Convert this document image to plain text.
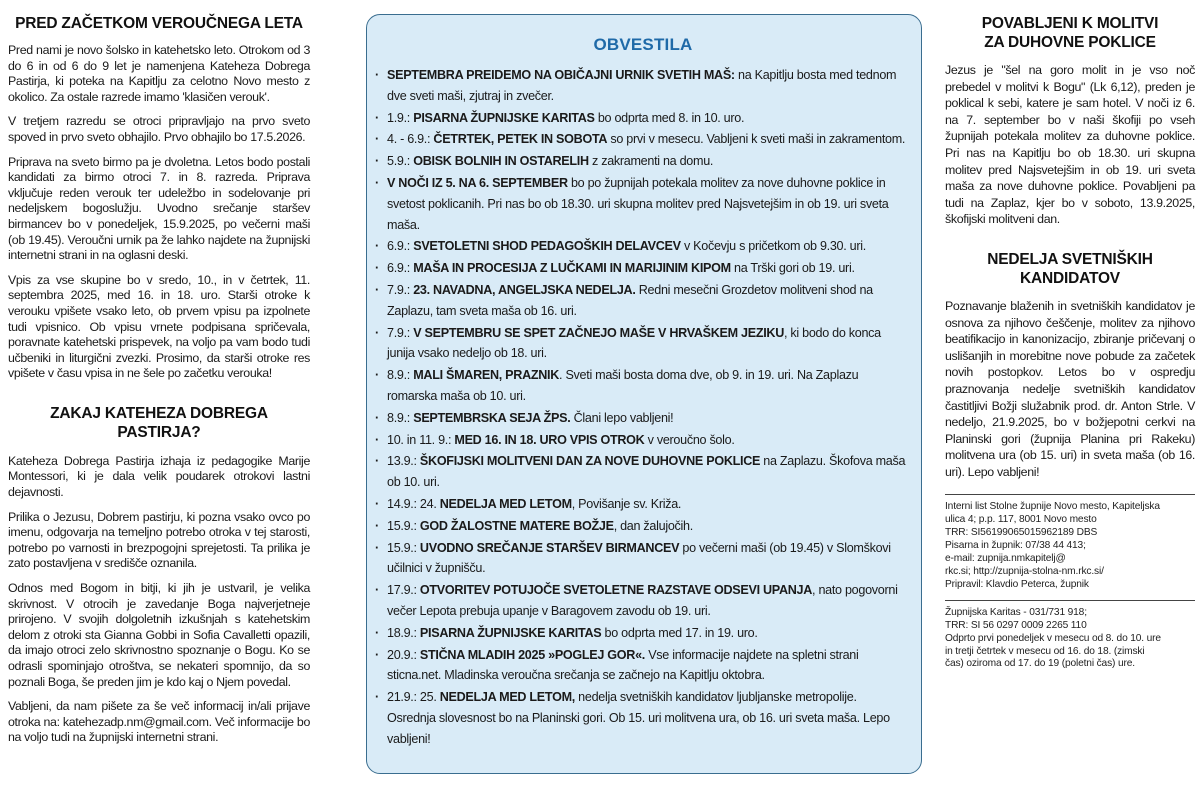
PRED ZAČETKOM VEROUČNEGA LETA

Pred nami je novo šolsko in katehetsko leto. Otrokom od 3 do 6 in od 6 do 9 let je namenjena Kateheza Dobrega Pastirja, ki poteka na Kapitlju za celotno Novo mesto z okolico. Za ostale razrede imamo 'klasičen verouk'.

V tretjem razredu se otroci pripravljajo na prvo sveto spoved in prvo sveto obhajilo. Prvo obhajilo bo 17.5.2026.

Priprava na sveto birmo pa je dvoletna. Letos bodo postali kandidati za birmo otroci 7. in 8. razreda. Priprava vključuje reden verouk ter udeležbo in sodelovanje pri nedeljskem bogoslužju. Uvodno srečanje staršev birmancev bo v ponedeljek, 15.9.2025, po večerni maši (ob 19.45). Veroučni urnik pa že lahko najdete na župnijski internetni strani in na oglasni deski.

Vpis za vse skupine bo v sredo, 10., in v četrtek, 11. septembra 2025, med 16. in 18. uro. Starši otroke k verouku vpišete vsako leto, ob prvem vpisu pa izpolnete tudi vpisnico. Ob vpisu vrnete podpisana spričevala, poravnate katehetski prispevek, na voljo pa vam bodo tudi učbeniki in liturgični zvezki. Prosimo, da starši otroke res vpišete v času vpisa in ne šele po začetku verouka!

ZAKAJ KATEHEZA DOBREGA PASTIRJA?

Kateheza Dobrega Pastirja izhaja iz pedagogike Marije Montessori, ki je dala velik poudarek otrokovi lastni dejavnosti.

Prilika o Jezusu, Dobrem pastirju, ki pozna vsako ovco po imenu, odgovarja na temeljno potrebo otroka v tej starosti, potrebo po varnosti in brezpogojni sprejetosti. Ta prilika je zato postavljena v središče oznanila.

Odnos med Bogom in bitji, ki jih je ustvaril, je velika skrivnost. V otrocih je zavedanje Boga najverjetneje prirojeno. V svojih dolgoletnih izkušnjah s katehetskim delom z otroki sta Gianna Gobbi in Sofia Cavalletti opazili, da imajo otroci zelo skrivnostno spoznanje o Bogu. Ko se odrasli spominjajo otroštva, se nekateri spomnijo, da so poznali Boga, še preden jim je kdo kaj o Njem povedal.

Vabljeni, da nam pišete za še več informacij in/ali prijave otroka na: katehezadp.nm@gmail.com. Več informacije bo na voljo tudi na župnijski internetni strani.

OBVESTILA
· SEPTEMBRA PREIDEMO NA OBIČAJNI URNIK SVETIH MAŠ: na Kapitlju bosta med tednom dve sveti maši, zjutraj in zvečer.
· 1.9.: PISARNA ŽUPNIJSKE KARITAS bo odprta med 8. in 10. uro.
· 4. - 6.9.: ČETRTEK, PETEK IN SOBOTA so prvi v mesecu. Vabljeni k sveti maši in zakramentom.
· 5.9.: OBISK BOLNIH IN OSTARELIH z zakramenti na domu.
· V NOČI IZ 5. NA 6. SEPTEMBER bo po župnijah potekala molitev za nove duhovne poklice in svetost poklicanih. Pri nas bo ob 18.30. uri skupna molitev pred Najsvetejšim in ob 19. uri sveta maša.
· 6.9.: SVETOLETNI SHOD PEDAGOŠKIH DELAVCEV v Kočevju s pričetkom ob 9.30. uri.
· 6.9.: MAŠA IN PROCESIJA Z LUČKAMI IN MARIJINIM KIPOM na Trški gori ob 19. uri.
· 7.9.: 23. NAVADNA, ANGELJSKA NEDELJA. Redni mesečni Grozdetov molitveni shod na Zaplazu, tam sveta maša ob 16. uri.
· 7.9.: V SEPTEMBRU SE SPET ZAČNEJO MAŠE V HRVAŠKEM JEZIKU, ki bodo do konca junija vsako nedeljo ob 18. uri.
· 8.9.: MALI ŠMAREN, PRAZNIK. Sveti maši bosta doma dve, ob 9. in 19. uri. Na Zaplazu romarska maša ob 10. uri.
· 8.9.: SEPTEMBRSKA SEJA ŽPS. Člani lepo vabljeni!
· 10. in 11. 9.: MED 16. IN 18. URO VPIS OTROK v veroučno šolo.
· 13.9.: ŠKOFIJSKI MOLITVENI DAN ZA NOVE DUHOVNE POKLICE na Zaplazu. Škofova maša ob 10. uri.
· 14.9.: 24. NEDELJA MED LETOM, Povišanje sv. Križa.
· 15.9.: GOD ŽALOSTNE MATERE BOŽJE, dan žalujočih.
· 15.9.: UVODNO SREČANJE STARŠEV BIRMANCEV po večerni maši (ob 19.45) v Slomškovi učilnici v župnišču.
· 17.9.: OTVORITEV POTUJOČE SVETOLETNE RAZSTAVE ODSEVI UPANJA, nato pogovorni večer Lepota prebuja upanje v Baragovem zavodu ob 19. uri.
· 18.9.: PISARNA ŽUPNIJSKE KARITAS bo odprta med 17. in 19. uro.
· 20.9.: STIČNA MLADIH 2025 »POGLEJ GOR«. Vse informacije najdete na spletni strani sticna.net. Mladinska veroučna srečanja se začnejo na Kapitlju oktobra.
· 21.9.: 25. NEDELJA MED LETOM, nedelja svetniških kandidatov ljubljanske metropolije. Osrednja slovesnost bo na Planinski gori. Ob 15. uri molitvena ura, ob 16. uri sveta maša. Lepo vabljeni!
POVABLJENI K MOLITVI
ZA DUHOVNE POKLICE

Jezus je "šel na goro molit in je vso noč prebedel v molitvi k Bogu" (Lk 6,12), preden je poklical k sebi, katere je sam hotel. V noči iz 6. na 7. september bo v naši škofiji po vseh župnijah potekala molitev za duhovne poklice. Pri nas na Kapitlju bo ob 18.30. uri skupna molitev pred Najsvetejšim in ob 19. uri sveta maša za nove duhovne poklice. Povabljeni pa tudi na Zaplaz, kjer bo v soboto, 13.9.2025, škofijski molitveni dan.

NEDELJA SVETNIŠKIH KANDIDATOV

Poznavanje blaženih in svetniških kandidatov je osnova za njihovo češčenje, molitev za njihovo beatifikacijo in kanonizacijo, zbiranje pričevanj o uslišanjih in morebitne nove pobude za začetek novih postopkov. Letos bo v ospredju praznovanja nedelje svetniških kandidatov častitljivi Božji služabnik prod. dr. Anton Strle. V nedeljo, 21.9.2025, bo v božjepotni cerkvi na Planinski gori (župnija Planina pri Rakeku) molitvena ura (ob 15. uri) in sveta maša (ob 16. uri). Lepo vabljeni!

Interni list Stolne župnije Novo mesto, Kapiteljska
ulica 4; p.p. 117, 8001 Novo mesto
TRR: SI56199065015962189 DBS
Pisarna in župnik: 07/38 44 413;
e-mail: zupnija.nmkapitelj@
rkc.si; http://zupnija-stolna-nm.rkc.si/
Pripravil: Klavdio Peterca, župnik
Župnijska Karitas - 031/731 918;
TRR: SI 56 0297 0009 2265 110
Odprto prvi ponedeljek v mesecu od 8. do 10. ure
in tretji četrtek v mesecu od 16. do 18. (zimski
čas) oziroma od 17. do 19 (poletni čas) ure.
